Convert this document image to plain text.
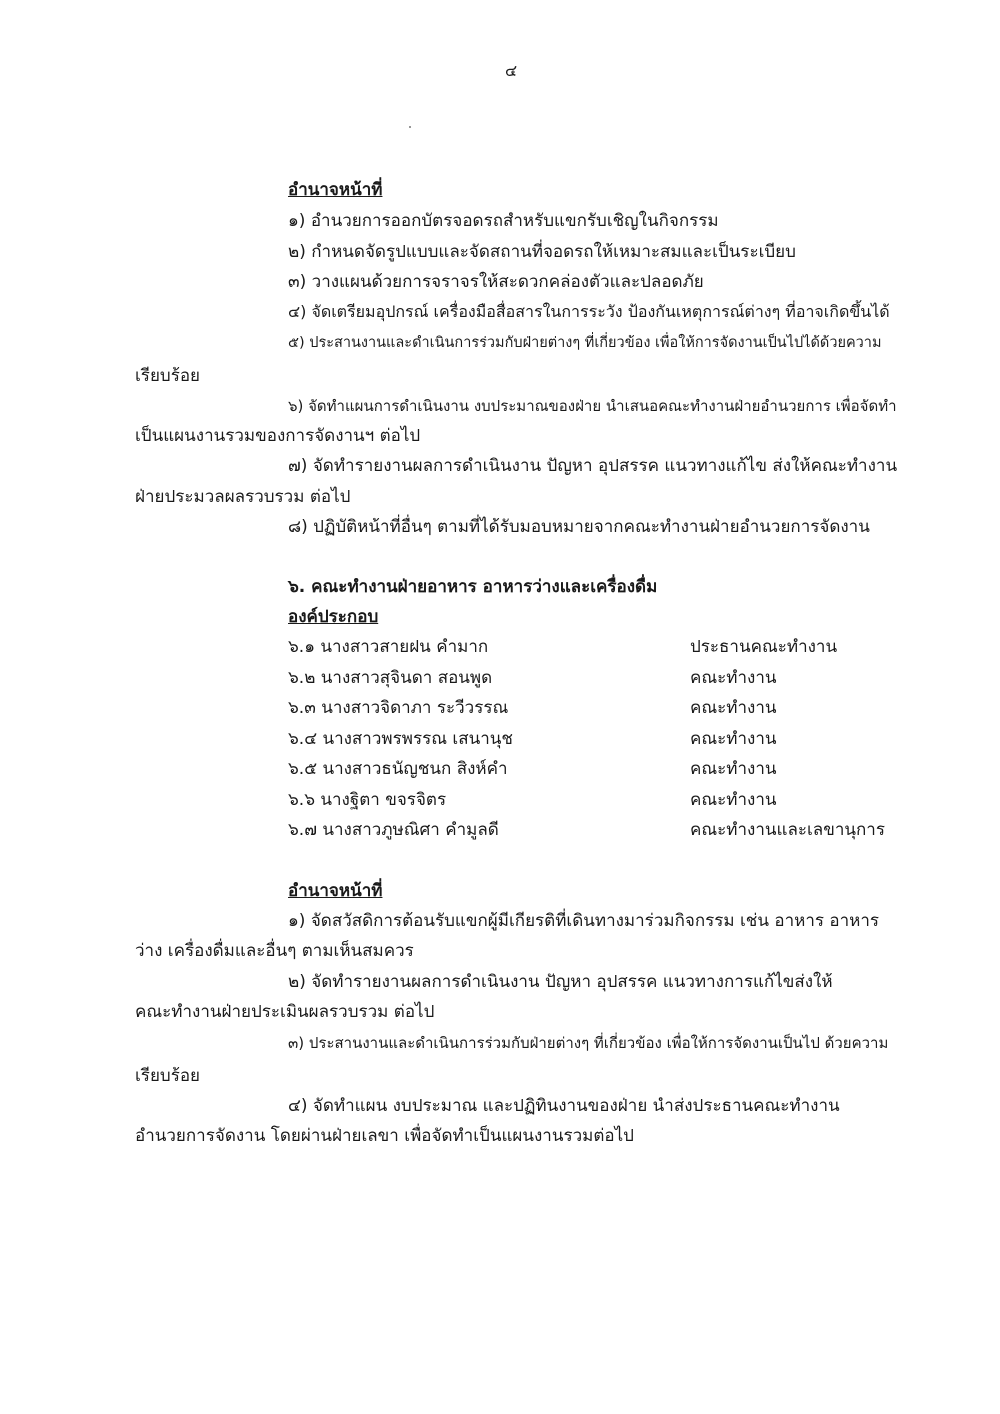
๔
อำนาจหน้าที่
๑) อำนวยการออกบัตรจอดรถสำหรับแขกรับเชิญในกิจกรรม
๒) กำหนดจัดรูปแบบและจัดสถานที่จอดรถให้เหมาะสมและเป็นระเบียบ
๓) วางแผนด้วยการจราจรให้สะดวกคล่องตัวและปลอดภัย
๔) จัดเตรียมอุปกรณ์ เครื่องมือสื่อสารในการระวัง ป้องกันเหตุการณ์ต่างๆ ที่อาจเกิดขึ้นได้
๕) ประสานงานและดำเนินการร่วมกับฝ่ายต่างๆ ที่เกี่ยวข้อง เพื่อให้การจัดงานเป็นไปได้ด้วยความ
เรียบร้อย
๖) จัดทำแผนการดำเนินงาน งบประมาณของฝ่าย นำเสนอคณะทำงานฝ่ายอำนวยการ เพื่อจัดทำ
เป็นแผนงานรวมของการจัดงานฯ ต่อไป
๗) จัดทำรายงานผลการดำเนินงาน ปัญหา อุปสรรค แนวทางแก้ไข ส่งให้คณะทำงาน
ฝ่ายประมวลผลรวบรวม ต่อไป
๘) ปฏิบัติหน้าที่อื่นๆ ตามที่ได้รับมอบหมายจากคณะทำงานฝ่ายอำนวยการจัดงาน
๖. คณะทำงานฝ่ายอาหาร อาหารว่างและเครื่องดื่ม
องค์ประกอบ
๖.๑ นางสาวสายฝน คำมาก	ประธานคณะทำงาน
๖.๒ นางสาวสุจินดา สอนพูด	คณะทำงาน
๖.๓ นางสาวจิดาภา ระวีวรรณ	คณะทำงาน
๖.๔ นางสาวพรพรรณ เสนานุช	คณะทำงาน
๖.๕ นางสาวธนัญชนก สิงห์คำ	คณะทำงาน
๖.๖ นางฐิตา ขจรจิตร	คณะทำงาน
๖.๗ นางสาวภูษณิศา คำมูลดี	คณะทำงานและเลขานุการ
อำนาจหน้าที่
๑) จัดสวัสดิการต้อนรับแขกผู้มีเกียรติที่เดินทางมาร่วมกิจกรรม เช่น อาหาร อาหาร
ว่าง เครื่องดื่มและอื่นๆ ตามเห็นสมควร
๒) จัดทำรายงานผลการดำเนินงาน ปัญหา อุปสรรค แนวทางการแก้ไขส่งให้
คณะทำงานฝ่ายประเมินผลรวบรวม ต่อไป
๓) ประสานงานและดำเนินการร่วมกับฝ่ายต่างๆ ที่เกี่ยวข้อง เพื่อให้การจัดงานเป็นไป ด้วยความ
เรียบร้อย
๔) จัดทำแผน งบประมาณ และปฏิทินงานของฝ่าย นำส่งประธานคณะทำงาน
อำนวยการจัดงาน โดยผ่านฝ่ายเลขา เพื่อจัดทำเป็นแผนงานรวมต่อไป
